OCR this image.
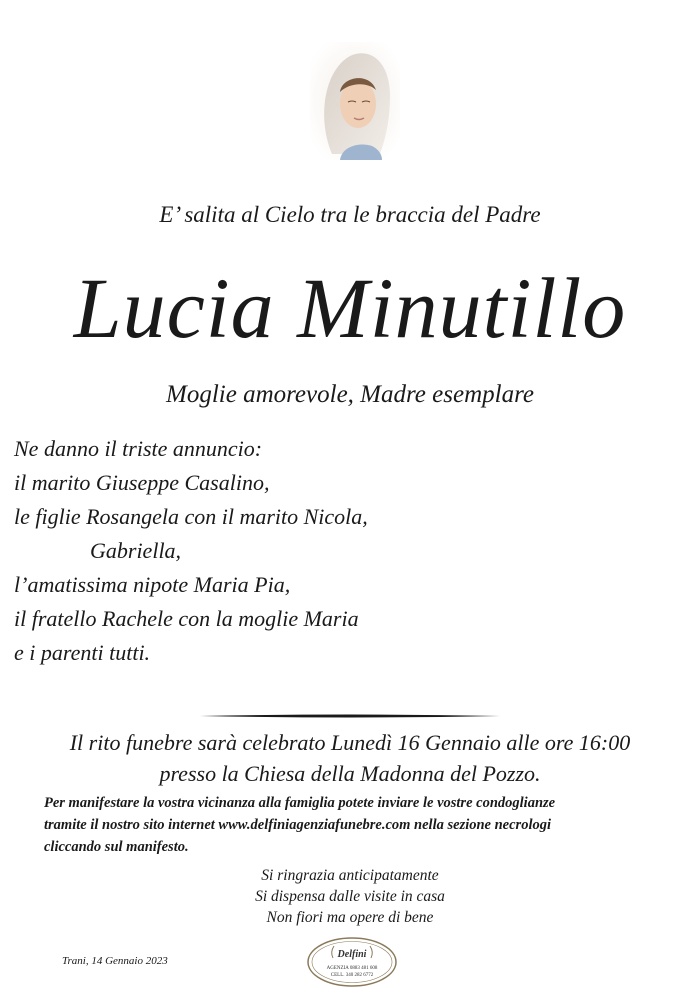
E’ salita al Cielo tra le braccia del Padre
Lucia Minutillo
Moglie amorevole, Madre esemplare
Ne danno il triste annuncio:
il marito Giuseppe Casalino,
le figlie Rosangela con il marito Nicola,
Gabriella,
l’amatissima nipote Maria Pia,
il fratello Rachele con la moglie Maria
e i parenti tutti.
Il rito funebre sarà celebrato Lunedì 16 Gennaio alle ore 16:00
presso la Chiesa della Madonna del Pozzo.
Per manifestare la vostra vicinanza alla famiglia potete inviare le vostre condoglianze
tramite il nostro sito internet www.delfiniagenziafunebre.com nella sezione necrologi
cliccando sul manifesto.
Si ringrazia anticipatamente
Si dispensa dalle visite in casa
Non fiori ma opere di bene
Trani, 14 Gennaio 2023
Delfini
AGENZIA 0883 481 608
CELL. 340 282 6772
